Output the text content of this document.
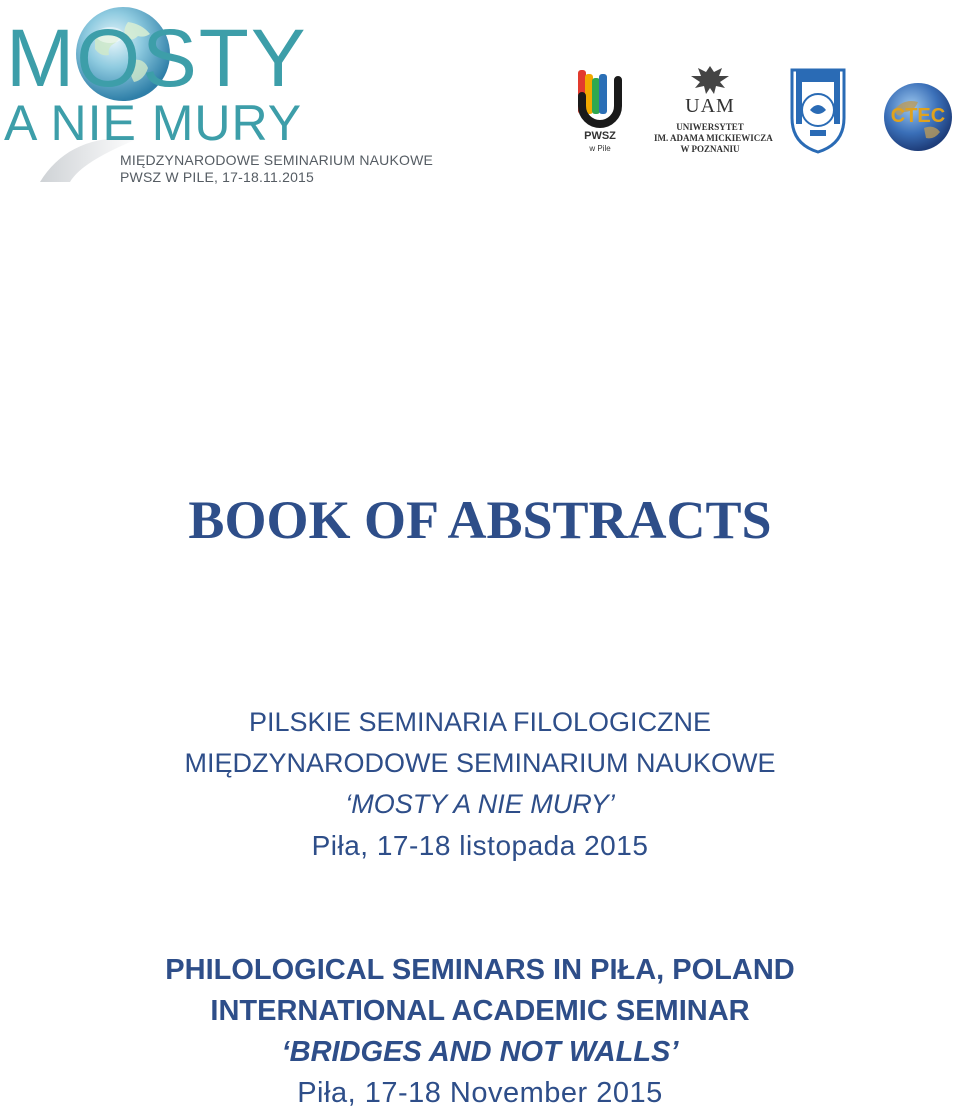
MOSTY
A NIE MURY
MIĘDZYNARODOWE SEMINARIUM NAUKOWE
PWSZ W PILE, 17-18.11.2015
PWSZ
w Pile
UAM
UNIWERSYTET
IM. ADAMA MICKIEWICZA
W POZNANIU
CTEC
BOOK OF ABSTRACTS
PILSKIE SEMINARIA FILOLOGICZNE
MIĘDZYNARODOWE SEMINARIUM NAUKOWE
‘MOSTY A NIE MURY’
Piła, 17-18 listopada 2015
PHILOLOGICAL SEMINARS IN PIŁA, POLAND
INTERNATIONAL ACADEMIC SEMINAR
‘BRIDGES AND NOT WALLS’
Piła, 17-18 November 2015
